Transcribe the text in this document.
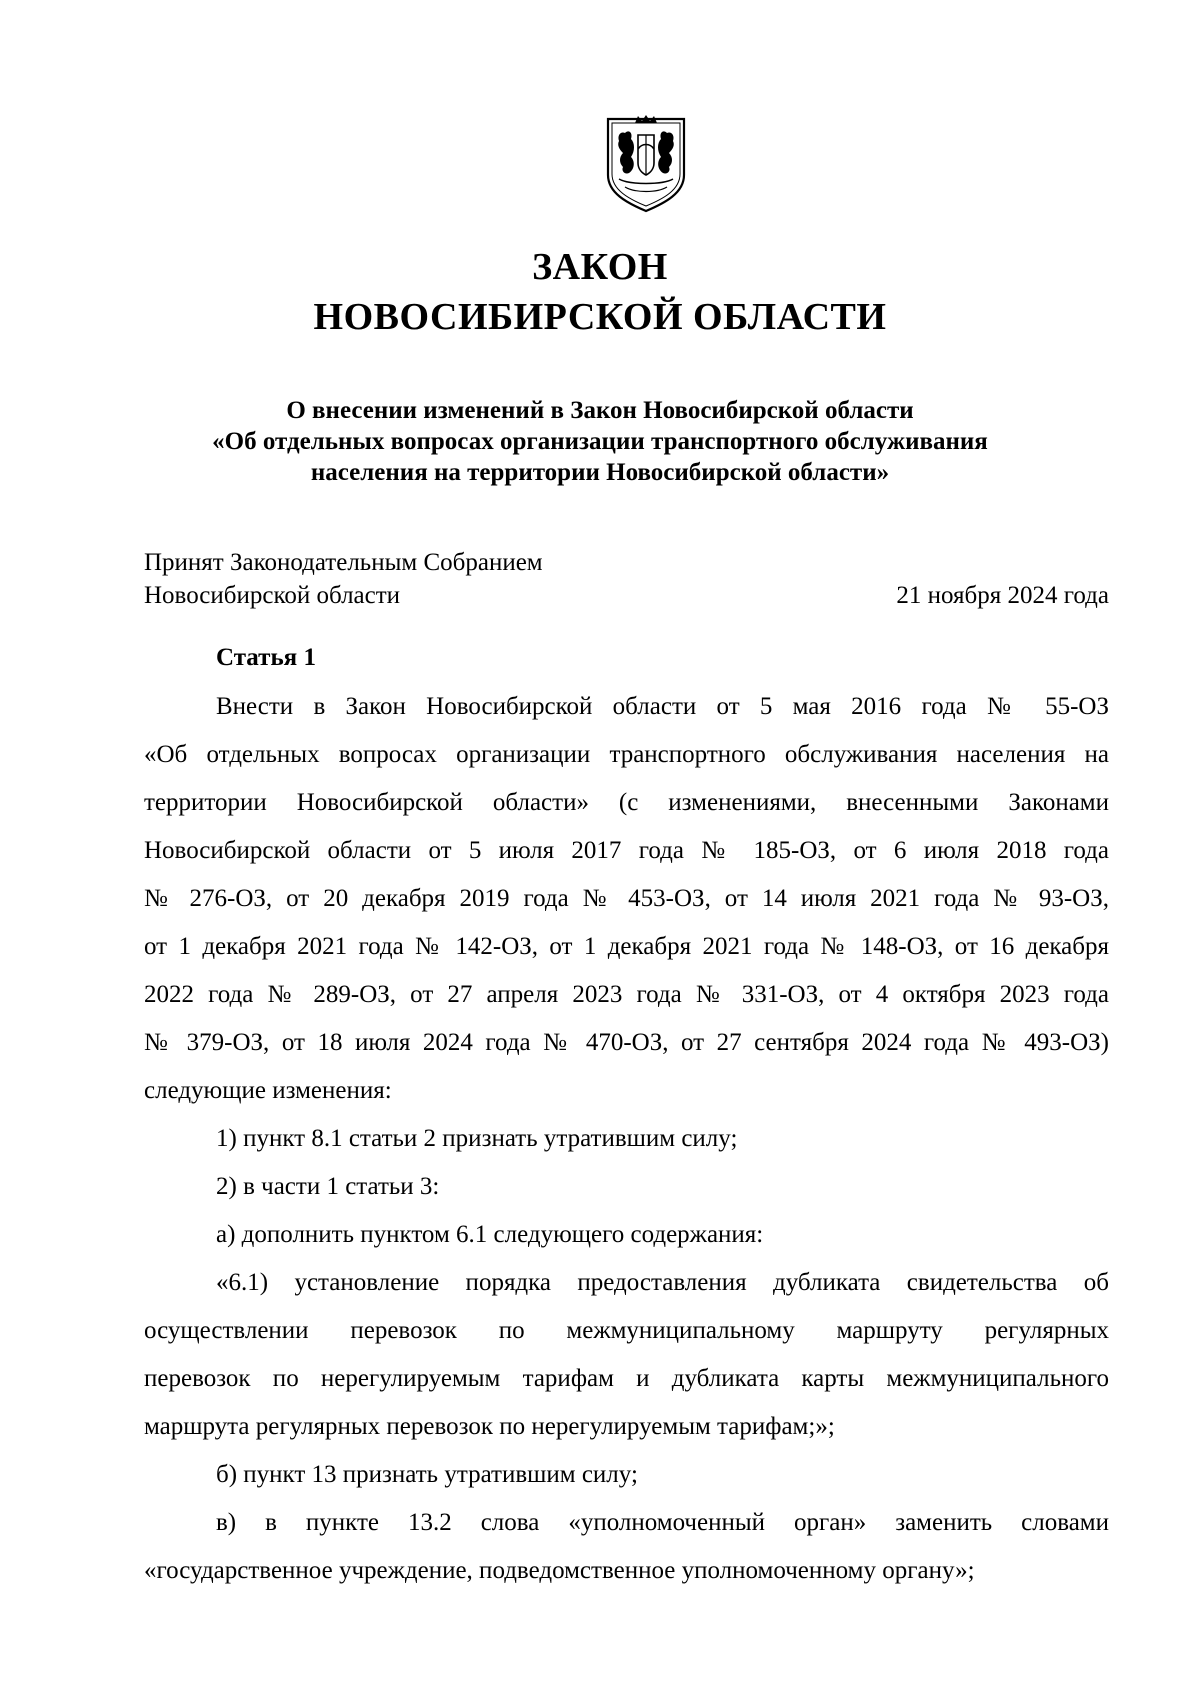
ЗАКОН
НОВОСИБИРСКОЙ ОБЛАСТИ
О внесении изменений в Закон Новосибирской области
«Об отдельных вопросах организации транспортного обслуживания
населения на территории Новосибирской области»
Принят Законодательным Собранием
Новосибирской области	21 ноября 2024 года
Статья 1
Внести в Закон Новосибирской области от 5 мая 2016 года № 55-ОЗ
«Об отдельных вопросах организации транспортного обслуживания населения на
территории Новосибирской области» (с изменениями, внесенными Законами
Новосибирской области от 5 июля 2017 года № 185-ОЗ, от 6 июля 2018 года
№ 276-ОЗ, от 20 декабря 2019 года № 453-ОЗ, от 14 июля 2021 года № 93-ОЗ,
от 1 декабря 2021 года № 142-ОЗ, от 1 декабря 2021 года № 148-ОЗ, от 16 декабря
2022 года № 289-ОЗ, от 27 апреля 2023 года № 331-ОЗ, от 4 октября 2023 года
№ 379-ОЗ, от 18 июля 2024 года № 470-ОЗ, от 27 сентября 2024 года № 493-ОЗ)
следующие изменения:
1) пункт 8.1 статьи 2 признать утратившим силу;
2) в части 1 статьи 3:
а) дополнить пунктом 6.1 следующего содержания:
«6.1) установление порядка предоставления дубликата свидетельства об
осуществлении перевозок по межмуниципальному маршруту регулярных
перевозок по нерегулируемым тарифам и дубликата карты межмуниципального
маршрута регулярных перевозок по нерегулируемым тарифам;»;
б) пункт 13 признать утратившим силу;
в) в пункте 13.2 слова «уполномоченный орган» заменить словами
«государственное учреждение, подведомственное уполномоченному органу»;
